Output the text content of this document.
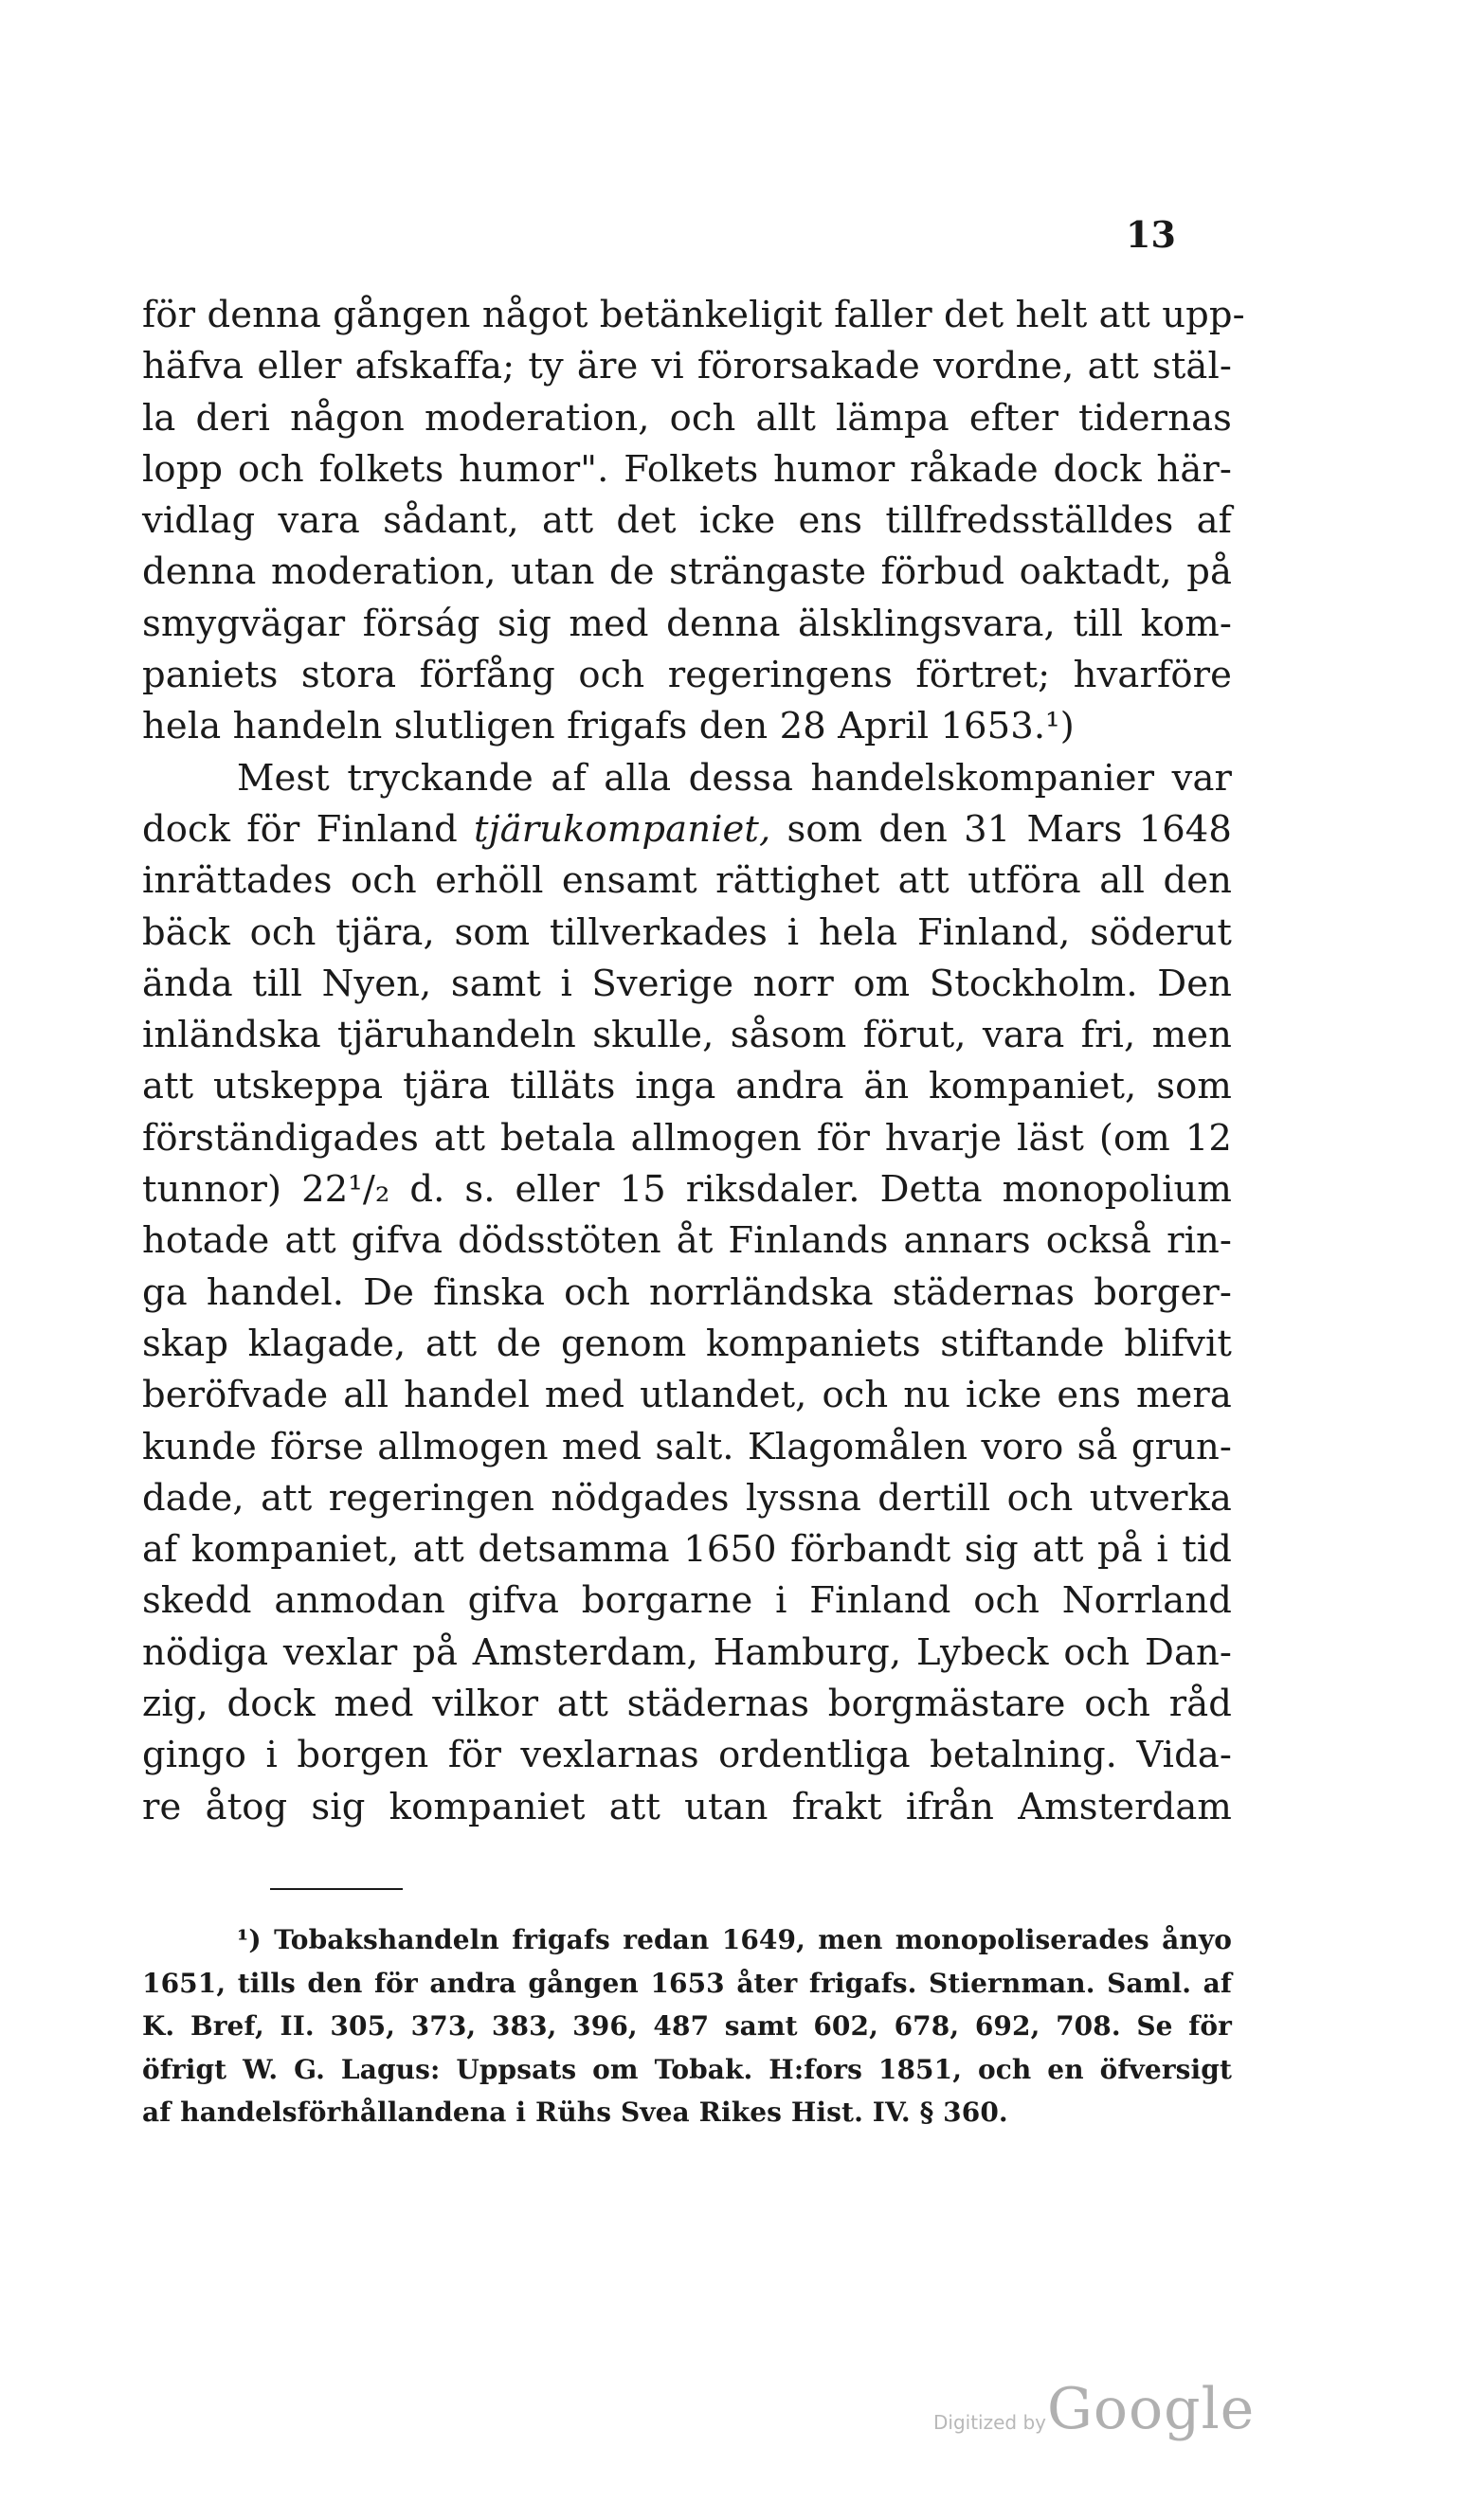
13
för denna gången något betänkeligit faller det helt att upp-
häfva eller afskaffa; ty äre vi förorsakade vordne, att stäl-
la deri någon moderation, och allt lämpa efter tidernas
lopp och folkets humor". Folkets humor råkade dock här-
vidlag vara sådant, att det icke ens tillfredsställdes af
denna moderation, utan de strängaste förbud oaktadt, på
smygvägar förság sig med denna älsklingsvara, till kom-
paniets stora förfång och regeringens förtret; hvarföre
hela handeln slutligen frigafs den 28 April 1653.¹)
Mest tryckande af alla dessa handelskompanier var
dock för Finland tjärukompaniet, som den 31 Mars 1648
inrättades och erhöll ensamt rättighet att utföra all den
bäck och tjära, som tillverkades i hela Finland, söderut
ända till Nyen, samt i Sverige norr om Stockholm. Den
inländska tjäruhandeln skulle, såsom förut, vara fri, men
att utskeppa tjära tilläts inga andra än kompaniet, som
förständigades att betala allmogen för hvarje läst (om 12
tunnor) 22¹/₂ d. s. eller 15 riksdaler. Detta monopolium
hotade att gifva dödsstöten åt Finlands annars också rin-
ga handel. De finska och norrländska städernas borger-
skap klagade, att de genom kompaniets stiftande blifvit
beröfvade all handel med utlandet, och nu icke ens mera
kunde förse allmogen med salt. Klagomålen voro så grun-
dade, att regeringen nödgades lyssna dertill och utverka
af kompaniet, att detsamma 1650 förbandt sig att på i tid
skedd anmodan gifva borgarne i Finland och Norrland
nödiga vexlar på Amsterdam, Hamburg, Lybeck och Dan-
zig, dock med vilkor att städernas borgmästare och råd
gingo i borgen för vexlarnas ordentliga betalning. Vida-
re åtog sig kompaniet att utan frakt ifrån Amsterdam
¹) Tobakshandeln frigafs redan 1649, men monopoliserades ånyo
1651, tills den för andra gången 1653 åter frigafs. Stiernman. Saml. af
K. Bref, II. 305, 373, 383, 396, 487 samt 602, 678, 692, 708. Se för
öfrigt W. G. Lagus: Uppsats om Tobak. H:fors 1851, och en öfversigt
af handelsförhållandena i Rühs Svea Rikes Hist. IV. § 360.
Digitized by Google
